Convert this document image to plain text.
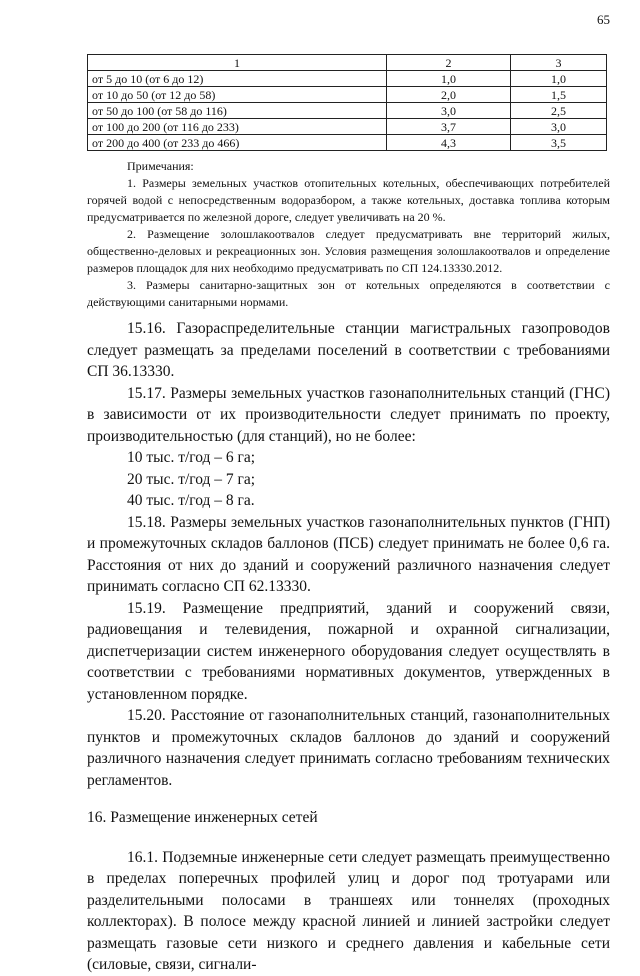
65
1	2	3
от 5 до 10 (от 6 до 12)	1,0	1,0
от 10 до 50 (от 12 до 58)	2,0	1,5
от 50 до 100 (от 58 до 116)	3,0	2,5
от 100 до 200 (от 116 до 233)	3,7	3,0
от 200 до 400 (от 233 до 466)	4,3	3,5

Примечания:

1. Размеры земельных участков отопительных котельных, обеспечивающих потребителей горячей водой с непосредственным водоразбором, а также котельных, доставка топлива которым предусматривается по железной дороге, следует увеличивать на 20 %.

2. Размещение золошлакоотвалов следует предусматривать вне территорий жилых, общественно-деловых и рекреационных зон. Условия размещения золошлакоотвалов и определение размеров площадок для них необходимо предусматривать по СП 124.13330.2012.

3. Размеры санитарно-защитных зон от котельных определяются в соответствии с действующими санитарными нормами.

15.16. Газораспределительные станции магистральных газопроводов следует размещать за пределами поселений в соответствии с требованиями СП 36.13330.

15.17. Размеры земельных участков газонаполнительных станций (ГНС) в зависимости от их производительности следует принимать по проекту, производительностью (для станций), но не более:

10 тыс. т/год – 6 га;

20 тыс. т/год – 7 га;

40 тыс. т/год – 8 га.

15.18. Размеры земельных участков газонаполнительных пунктов (ГНП) и промежуточных складов баллонов (ПСБ) следует принимать не более 0,6 га. Расстояния от них до зданий и сооружений различного назначения следует принимать согласно СП 62.13330.

15.19. Размещение предприятий, зданий и сооружений связи, радиовещания и телевидения, пожарной и охранной сигнализации, диспетчеризации систем инженерного оборудования следует осуществлять в соответствии с требованиями нормативных документов, утвержденных в установленном порядке.

15.20. Расстояние от газонаполнительных станций, газонаполнительных пунктов и промежуточных складов баллонов до зданий и сооружений различного назначения следует принимать согласно требованиям технических регламентов.

16. Размещение инженерных сетей

16.1. Подземные инженерные сети следует размещать преимущественно в пределах поперечных профилей улиц и дорог под тротуарами или разделительными полосами в траншеях или тоннелях (проходных коллекторах). В полосе между красной линией и линией застройки следует размещать газовые сети низкого и среднего давления и кабельные сети (силовые, связи, сигнали-
